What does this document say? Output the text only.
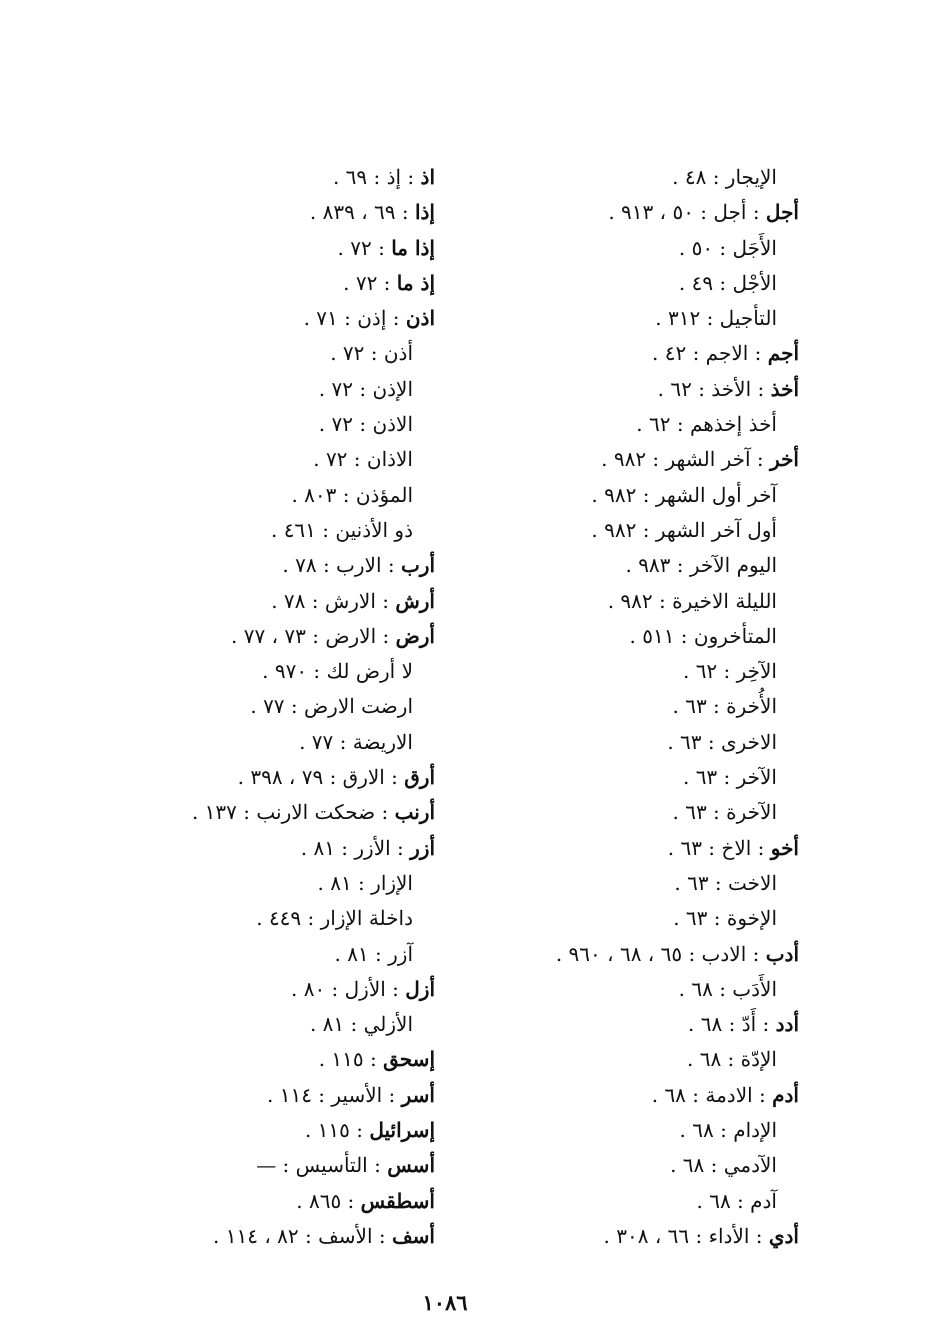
الإيجار : ٤٨ .
أجل : أجل : ٥٠ ، ٩١٣ .
الأَجَل : ٥٠ .
الأجْل : ٤٩ .
التأجيل : ٣١٢ .
أجم : الاجم : ٤٢ .
أخذ : الأخذ : ٦٢ .
أخذ إخذهم : ٦٢ .
أخر : آخر الشهر : ٩٨٢ .
آخر أول الشهر : ٩٨٢ .
أول آخر الشهر : ٩٨٢ .
اليوم الآخر : ٩٨٣ .
الليلة الاخيرة : ٩٨٢ .
المتأخرون : ٥١١ .
الآخِر : ٦٢ .
الأُخرة : ٦٣ .
الاخرى : ٦٣ .
الآخر : ٦٣ .
الآخرة : ٦٣ .
أخو : الاخ : ٦٣ .
الاخت : ٦٣ .
الإخوة : ٦٣ .
أدب : الادب : ٦٥ ، ٦٨ ، ٩٦٠ .
الأَدَب : ٦٨ .
أدد : أَدّ : ٦٨ .
الإدّة : ٦٨ .
أدم : الادمة : ٦٨ .
الإدام : ٦٨ .
الآدمي : ٦٨ .
آدم : ٦٨ .
أدي : الأداء : ٦٦ ، ٣٠٨ .
اذ : إذ : ٦٩ .
إذا : ٦٩ ، ٨٣٩ .
إذا ما : ٧٢ .
إذ ما : ٧٢ .
اذن : إذن : ٧١ .
أذن : ٧٢ .
الإذن : ٧٢ .
الاذن : ٧٢ .
الاذان : ٧٢ .
المؤذن : ٨٠٣ .
ذو الأذنين : ٤٦١ .
أرب : الارب : ٧٨ .
أرش : الارش : ٧٨ .
أرض : الارض : ٧٣ ، ٧٧ .
لا أرض لك : ٩٧٠ .
ارضت الارض : ٧٧ .
الاريضة : ٧٧ .
أرق : الارق : ٧٩ ، ٣٩٨ .
أرنب : ضحكت الارنب : ١٣٧ .
أزر : الأزر : ٨١ .
الإزار : ٨١ .
داخلة الإزار : ٤٤٩ .
آزر : ٨١ .
أزل : الأزل : ٨٠ .
الأزلي : ٨١ .
إسحق : ١١٥ .
أسر : الأسير : ١١٤ .
إسرائيل : ١١٥ .
أسس : التأسيس : —
أسطقس : ٨٦٥ .
أسف : الأسف : ٨٢ ، ١١٤ .
١٠٨٦
